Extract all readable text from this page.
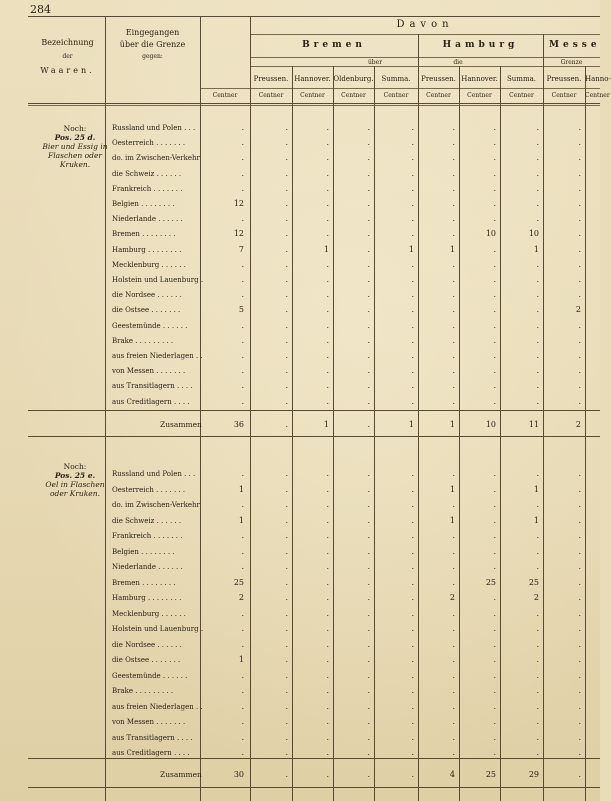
284
Bezeichnung
der
Waaren.
Eingegangen
über die Grenze
gegen:
Centner
Davon
Bremen	Hamburg	Messe
über	die	Grenze
Preussen.
Centner
Hannover.
Centner
Oldenburg.
Centner
Summa.
Centner
Preussen.
Centner
Hannover.
Centner
Summa.
Centner
Preussen.
Centner
Hanno-
Centner
Noch:
Pos. 25 d.
Bier und Essig in Flaschen oder Kruken.
Russland und Polen . . .	.	.	.	.	.	.	.	.	.
Oesterreich . . . . . . .	.	.	.	.	.	.	.	.	.
do. im Zwischen-Verkehr	.	.	.	.	.	.	.	.	.
die Schweiz . . . . . .	.	.	.	.	.	.	.	.	.
Frankreich . . . . . . .	.	.	.	.	.	.	.	.	.
Belgien . . . . . . . .	12	.	.	.	.	.	.	.	.
Niederlande . . . . . .	.	.	.	.	.	.	.	.	.
Bremen . . . . . . . .	12	.	.	.	.	.	10	10	.
Hamburg . . . . . . . .	7	.	1	.	1	1	.	1	.
Mecklenburg . . . . . .	.	.	.	.	.	.	.	.	.
Holstein und Lauenburg .	.	.	.	.	.	.	.	.	.
die Nordsee . . . . . .	.	.	.	.	.	.	.	.	.
die Ostsee . . . . . . .	5	.	.	.	.	.	.	.	2
Geestemünde . . . . . .	.	.	.	.	.	.	.	.	.
Brake . . . . . . . . .	.	.	.	.	.	.	.	.	.
aus freien Niederlagen . .	.	.	.	.	.	.	.	.	.
von Messen . . . . . . .	.	.	.	.	.	.	.	.	.
aus Transitlagern . . . .	.	.	.	.	.	.	.	.	.
aus Creditlagern . . . .	.	.	.	.	.	.	.	.	.
Zusammen	36	.	1	.	1	1	10	11	2
Noch:
Pos. 25 e.
Oel in Flaschen oder Kruken.
Russland und Polen . . .	.	.	.	.	.	.	.	.	.
Oesterreich . . . . . . .	1	.	.	.	.	1	.	1	.
do. im Zwischen-Verkehr	.	.	.	.	.	.	.	.	.
die Schweiz . . . . . .	1	.	.	.	.	1	.	1	.
Frankreich . . . . . . .	.	.	.	.	.	.	.	.	.
Belgien . . . . . . . .	.	.	.	.	.	.	.	.	.
Niederlande . . . . . .	.	.	.	.	.	.	.	.	.
Bremen . . . . . . . .	25	.	.	.	.	.	25	25	.
Hamburg . . . . . . . .	2	.	.	.	.	2	.	2	.
Mecklenburg . . . . . .	.	.	.	.	.	.	.	.	.
Holstein und Lauenburg .	.	.	.	.	.	.	.	.	.
die Nordsee . . . . . .	.	.	.	.	.	.	.	.	.
die Ostsee . . . . . . .	1	.	.	.	.	.	.	.	.
Geestemünde . . . . . .	.	.	.	.	.	.	.	.	.
Brake . . . . . . . . .	.	.	.	.	.	.	.	.	.
aus freien Niederlagen . .	.	.	.	.	.	.	.	.	.
von Messen . . . . . . .	.	.	.	.	.	.	.	.	.
aus Transitlagern . . . .	.	.	.	.	.	.	.	.	.
aus Creditlagern . . . .	.	.	.	.	.	.	.	.	.
Zusammen	30	.	.	.	.	4	25	29	.
